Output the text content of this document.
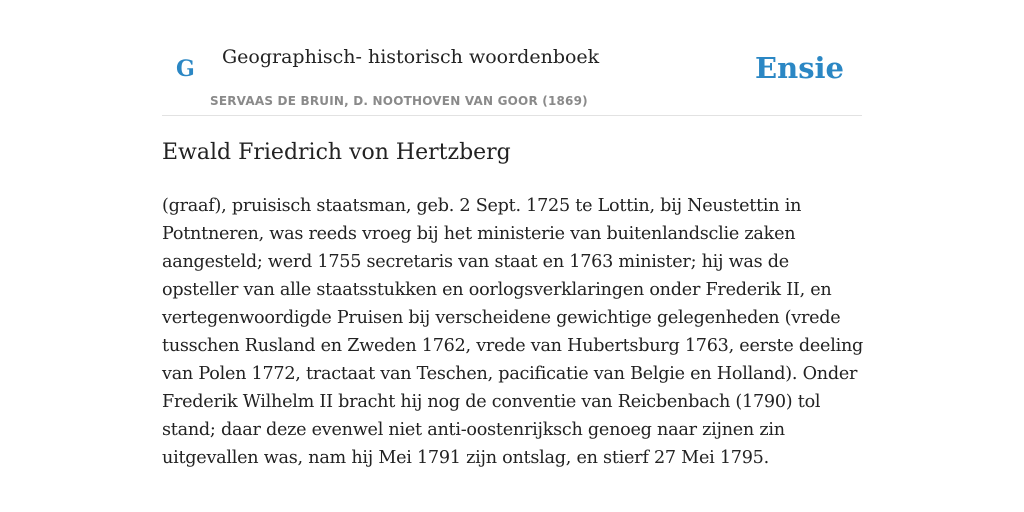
G Geographisch- historisch woordenboek
SERVAAS DE BRUIN, D. NOOTHOVEN VAN GOOR (1869)
Ensie
Ewald Friedrich von Hertzberg

(graaf), pruisisch staatsman, geb. 2 Sept. 1725 te Lottin, bij Neustettin in Potntneren, was reeds vroeg bij het ministerie van buitenlandsclie zaken aangesteld; werd 1755 secretaris van staat en 1763 minister; hij was de opsteller van alle staatsstukken en oorlogsverklaringen onder Frederik II, en vertegenwoordigde Pruisen bij verscheidene gewichtige gelegenheden (vrede tusschen Rusland en Zweden 1762, vrede van Hubertsburg 1763, eerste deeling van Polen 1772, tractaat van Teschen, pacificatie van Belgie en Holland). Onder Frederik Wilhelm II bracht hij nog de conventie van Reicbenbach (1790) tol stand; daar deze evenwel niet anti-oostenrijksch genoeg naar zijnen zin uitgevallen was, nam hij Mei 1791 zijn ontslag, en stierf 27 Mei 1795.
